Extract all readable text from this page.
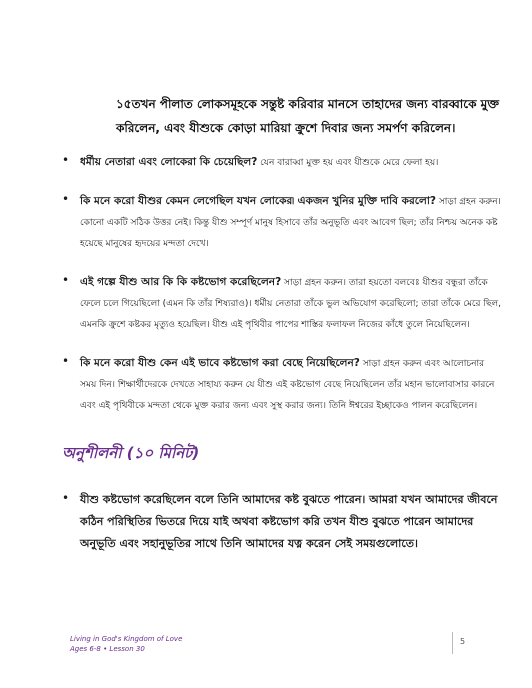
১৫তখন পীলাত লোকসমূহকে সন্তুষ্ট করিবার মানসে তাহাদের জন্য বারব্বাকে মুক্ত করিলেন, এবং যীশুকে কোড়া মারিয়া ক্রুশে দিবার জন্য সমর্পণ করিলেন।
• ধর্মীয় নেতারা এবং লোকেরা কি চেয়েছিল? যেন বারাব্বা মুক্ত হয় এবং যীশুকে মেরে ফেলা হয়।
• কি মনে করো যীশুর কেমন লেগেছিল যখন লোকের৷ একজন খুনির মুক্তি দাবি করলো? সাড়া গ্রহন করুন। কোনো একটি সঠিক উত্তর নেই। কিন্তু যীশু সম্পূর্ণ মানুষ হিসাবে তাঁর অনুভূতি এবং আবেগ ছিল; তাঁর নিশ্চয় অনেক কষ্ট হয়েছে মানুষের হৃদয়ের মন্দতা দেখে।
• এই গল্পে যীশু আর কি কি কষ্টভোগ করেছিলেন? সাড়া গ্রহন করুন। তারা হয়তো বলবেঃ যীশুর বন্ধুরা তাঁকে ফেলে চলে গিয়েছিলো (এমন কি তাঁর শিষ্যরাও)। ধর্মীয় নেতারা তাঁকে ভুল অভিযোগ করেছিলো; তারা তাঁকে মেরে ছিল, এমনকি ক্রুশে কষ্টকর মৃত্যুও হয়েছিল। যীশু এই পৃথিবীর পাপের শাস্তির ফলাফল নিজের কাঁধে তুলে নিয়েছিলেন।
• কি মনে করো যীশু কেন এই ভাবে কষ্টভোগ করা বেছে নিয়েছিলেন? সাড়া গ্রহন করুন এবং আলোচনার সময় দিন। শিক্ষার্থীদেরকে দেখতে সাহায্য করুন যে যীশু এই কষ্টভোগ বেছে নিয়েছিলেন তাঁর মহান ভালোবাসার কারনে এবং এই পৃথিবীকে মন্দতা থেকে মুক্ত করার জন্য এবং সুস্থ করার জন্য। তিনি ঈশ্বরের ইচ্ছাকেও পালন করেছিলেন।
অনুশীলনী (১০ মিনিট)
• যীশু কষ্টভোগ করেছিলেন বলে তিনি আমাদের কষ্ট বুঝতে পারেন। আমরা যখন আমাদের জীবনে কঠিন পরিস্থিতির ভিতরে দিয়ে যাই অথবা কষ্টভোগ করি তখন যীশু বুঝতে পারেন আমাদের অনুভূতি এবং সহানুভূতির সাথে তিনি আমাদের যত্ন করেন সেই সময়গুলোতে।
Living in God's Kingdom of Love
Ages 6-8 • Lesson 30
5
